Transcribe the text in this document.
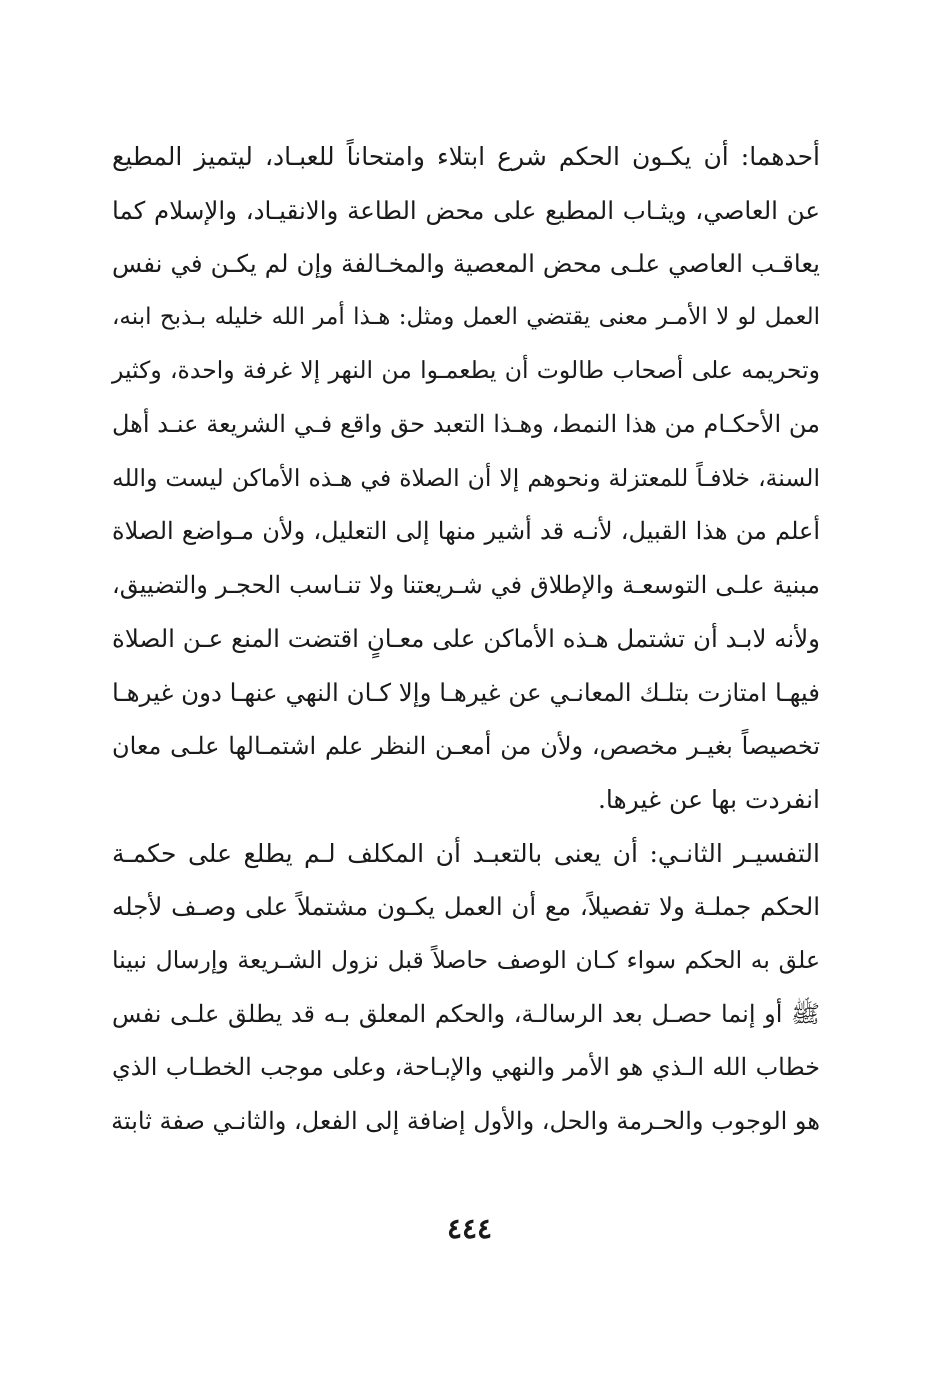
أحدهما: أن يكـون الحكم شرع ابتلاء وامتحاناً للعبـاد، ليتميز المطيع
عن العاصي، ويثـاب المطيع على محض الطاعة والانقيـاد، والإسلام كما
يعاقـب العاصي علـى محض المعصية والمخـالفة وإن لم يكـن في نفس
العمل لو لا الأمـر معنى يقتضي العمل ومثل: هـذا أمر الله خليله بـذبح ابنه،
وتحريمه على أصحاب طالوت أن يطعمـوا من النهر إلا غرفة واحدة، وكثير
من الأحكـام من هذا النمط، وهـذا التعبد حق واقع فـي الشريعة عنـد أهل
السنة، خلافـاً للمعتزلة ونحوهم إلا أن الصلاة في هـذه الأماكن ليست والله
أعلم من هذا القبيل، لأنـه قد أشير منها إلى التعليل، ولأن مـواضع الصلاة
مبنية علـى التوسعـة والإطلاق في شـريعتنا ولا تنـاسب الحجـر والتضييق،
ولأنه لابـد أن تشتمل هـذه الأماكن على معـانٍ اقتضت المنع عـن الصلاة
فيهـا امتازت بتلـك المعانـي عن غيرهـا وإلا كـان النهي عنهـا دون غيرهـا
تخصيصاً بغيـر مخصص، ولأن من أمعـن النظر علم اشتمـالها علـى معان
انفردت بها عن غيرها.
التفسيـر الثانـي: أن يعنى بالتعبـد أن المكلف لـم يطلع على حكمـة
الحكم جملـة ولا تفصيلاً، مع أن العمل يكـون مشتملاً على وصـف لأجله
علق به الحكم سواء كـان الوصف حاصلاً قبل نزول الشـريعة وإرسال نبينا
ﷺ أو إنما حصـل بعد الرسالـة، والحكم المعلق بـه قد يطلق علـى نفس
خطاب الله الـذي هو الأمر والنهي والإبـاحة، وعلى موجب الخطـاب الذي
هو الوجوب والحـرمة والحل، والأول إضافة إلى الفعل، والثانـي صفة ثابتة
٤٤٤
